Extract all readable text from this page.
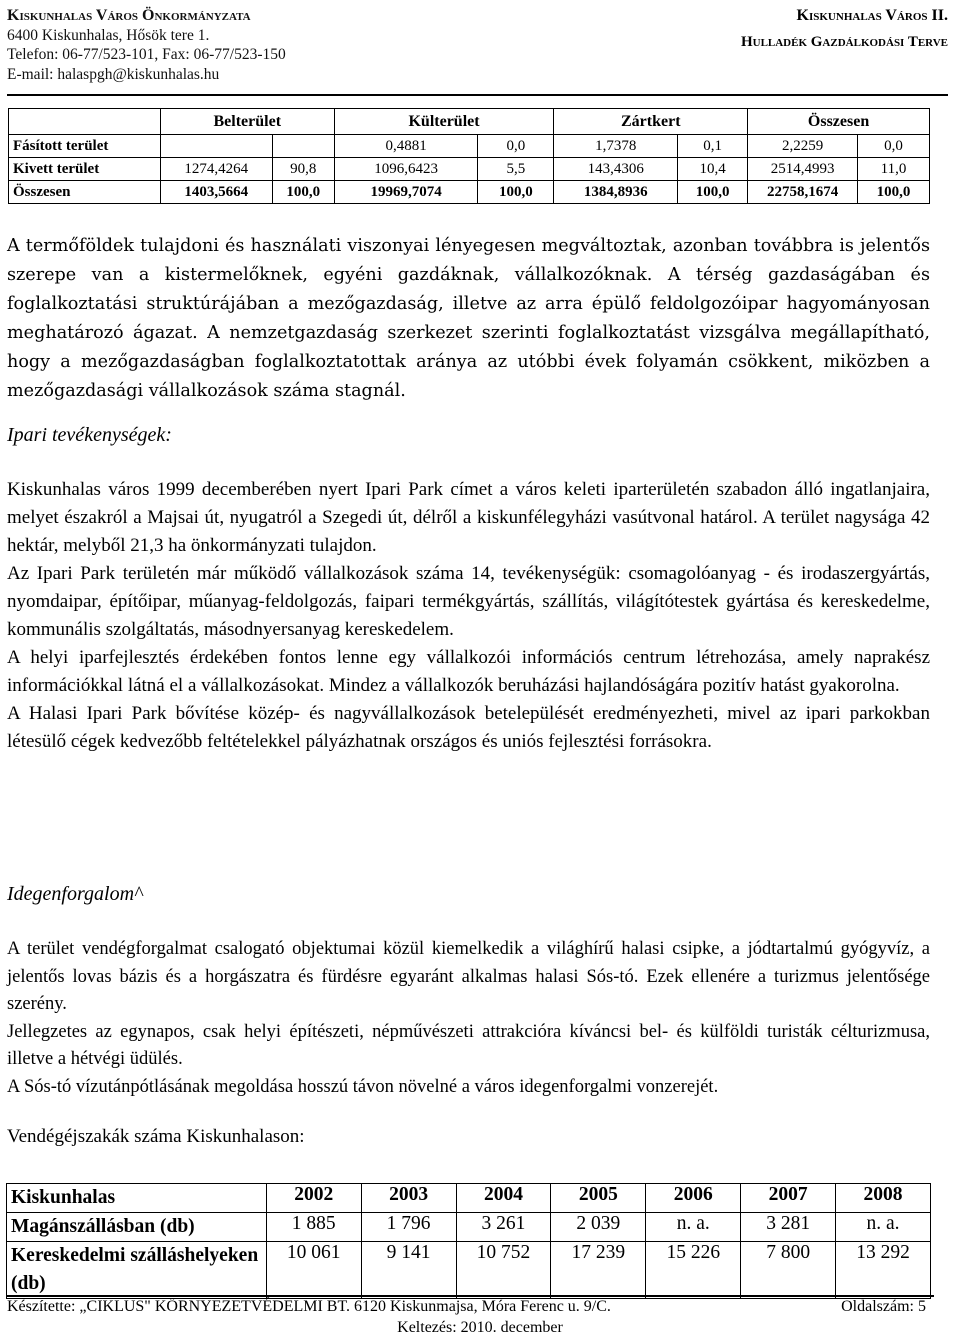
Kiskunhalas Város Önkormányzata
6400 Kiskunhalas, Hősök tere 1.
Telefon: 06-77/523-101, Fax: 06-77/523-150
E-mail: halaspgh@kiskunhalas.hu
Kiskunhalas Város II.
Hulladék Gazdálkodási Terve
	Belterület		Külterület		Zártkert		Összesen	
Fásított terület			0,4881	0,0	1,7378	0,1	2,2259	0,0
Kivett terület	1274,4264	90,8	1096,6423	5,5	143,4306	10,4	2514,4993	11,0
Összesen	1403,5664	100,0	19969,7074	100,0	1384,8936	100,0	22758,1674	100,0

A termőföldek tulajdoni és használati viszonyai lényegesen megváltoztak, azonban továbbra is jelentős szerepe van a kistermelőknek, egyéni gazdáknak, vállalkozóknak. A térség gazdaságában és foglalkoztatási struktúrájában a mezőgazdaság, illetve az arra épülő feldolgozóipar hagyományosan meghatározó ágazat. A nemzetgazdaság szerkezet szerinti foglalkoztatást vizsgálva megállapítható, hogy a mezőgazdaságban foglalkoztatottak aránya az utóbbi évek folyamán csökkent, miközben a mezőgazdasági vállalkozások száma stagnál.

Ipari tevékenységek:
Kiskunhalas város 1999 decemberében nyert Ipari Park címet a város keleti iparterületén szabadon álló ingatlanjaira, melyet északról a Majsai út, nyugatról a Szegedi út, délről a kiskunfélegyházi vasútvonal határol. A terület nagysága 42 hektár, melyből 21,3 ha önkormányzati tulajdon.
Az Ipari Park területén már működő vállalkozások száma 14, tevékenységük: csomagolóanyag - és irodaszergyártás, nyomdaipar, építőipar, műanyag-feldolgozás, faipari termékgyártás, szállítás, világítótestek gyártása és kereskedelme, kommunális szolgáltatás, másodnyersanyag kereskedelem.
A helyi iparfejlesztés érdekében fontos lenne egy vállalkozói információs centrum létrehozása, amely naprakész információkkal látná el a vállalkozásokat. Mindez a vállalkozók beruházási hajlandóságára pozitív hatást gyakorolna.
A Halasi Ipari Park bővítése közép- és nagyvállalkozások betelepülését eredményezheti, mivel az ipari parkokban létesülő cégek kedvezőbb feltételekkel pályázhatnak országos és uniós fejlesztési forrásokra.
Idegenforgalom^
A terület vendégforgalmat csalogató objektumai közül kiemelkedik a világhírű halasi csipke, a jódtartalmú gyógyvíz, a jelentős lovas bázis és a horgászatra és fürdésre egyaránt alkalmas halasi Sós-tó. Ezek ellenére a turizmus jelentősége szerény.
Jellegzetes az egynapos, csak helyi építészeti, népművészeti attrakcióra kíváncsi bel- és külföldi turisták célturizmusa, illetve a hétvégi üdülés.
A Sós-tó vízutánpótlásának megoldása hosszú távon növelné a város idegenforgalmi vonzerejét.
Vendégéjszakák száma Kiskunhalason:
Kiskunhalas	2002	2003	2004	2005	2006	2007	2008
Magánszállásban (db)	1 885	1 796	3 261	2 039	n. a.	3 281	n. a.
Kereskedelmi szálláshelyeken (db)	10 061	9 141	10 752	17 239	15 226	7 800	13 292
Készítette: „CIKLUS" KÖRNYEZETVÉDELMI BT. 6120 Kiskunmajsa, Móra Ferenc u. 9/C.	Oldalszám: 5
Keltezés: 2010. december
